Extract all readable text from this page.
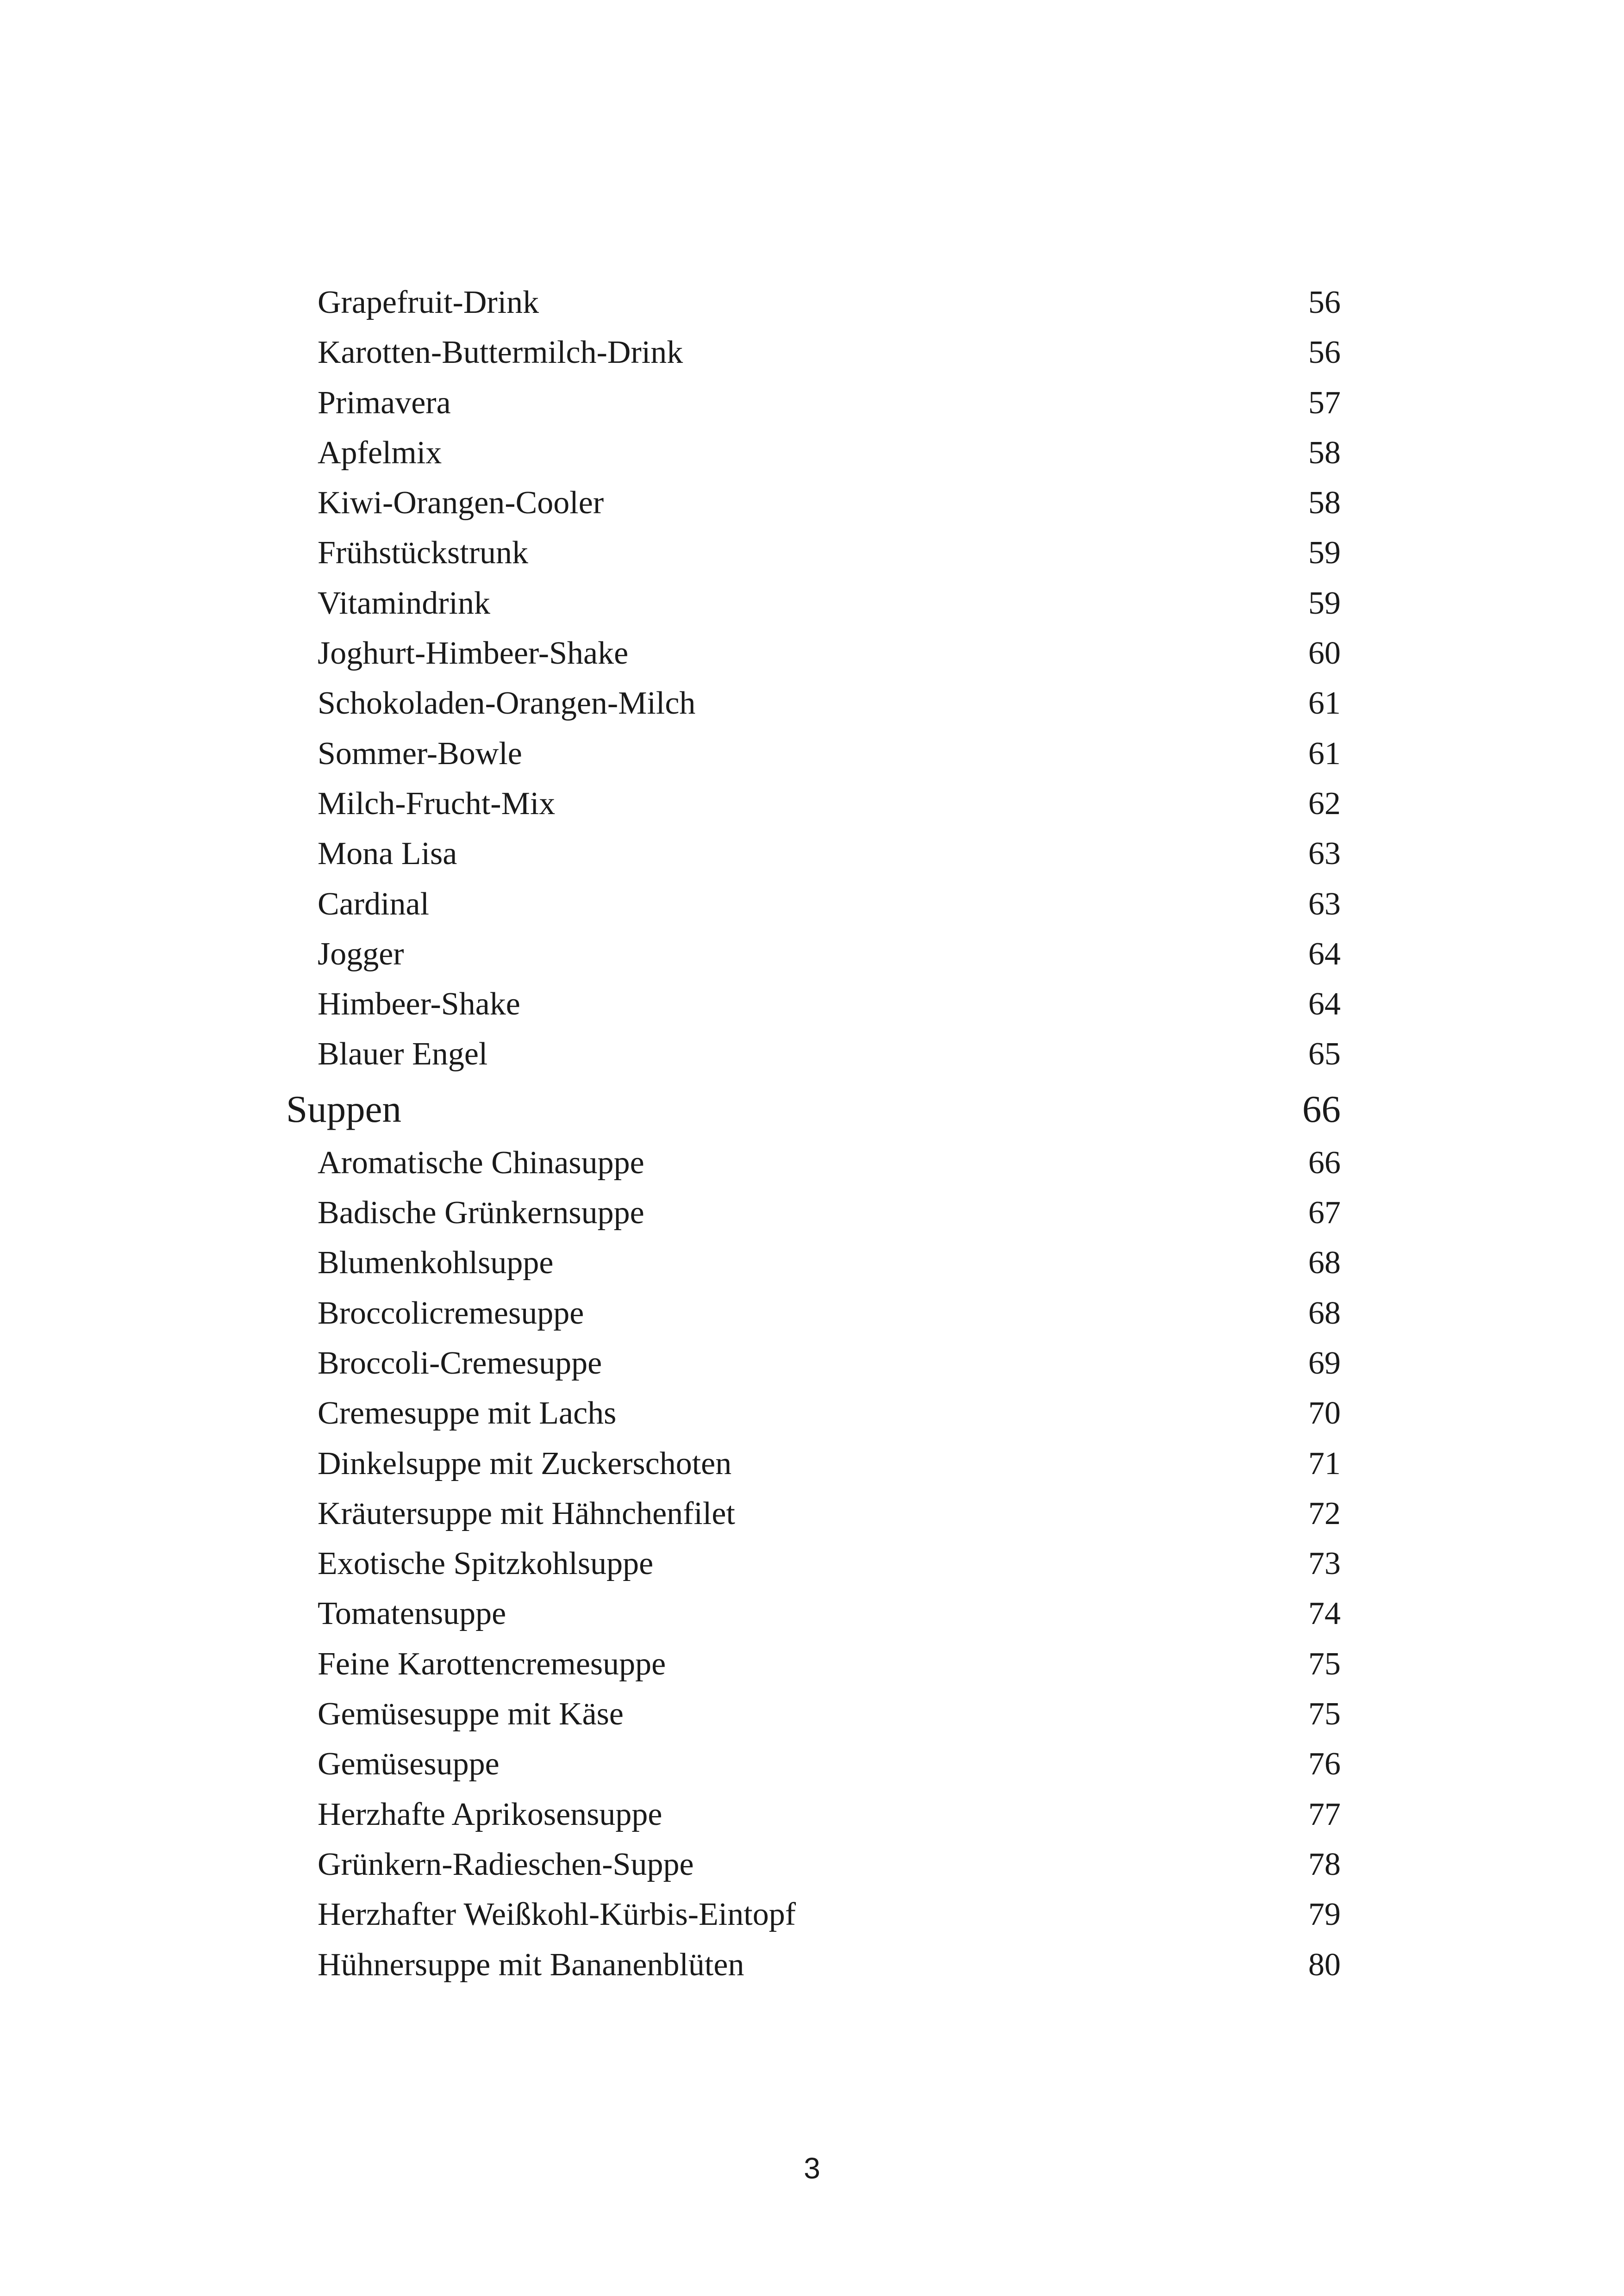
Grapefruit-Drink	56
Karotten-Buttermilch-Drink	56
Primavera	57
Apfelmix	58
Kiwi-Orangen-Cooler	58
Frühstückstrunk	59
Vitamindrink	59
Joghurt-Himbeer-Shake	60
Schokoladen-Orangen-Milch	61
Sommer-Bowle	61
Milch-Frucht-Mix	62
Mona Lisa	63
Cardinal	63
Jogger	64
Himbeer-Shake	64
Blauer Engel	65
Suppen	66
Aromatische Chinasuppe	66
Badische Grünkernsuppe	67
Blumenkohlsuppe	68
Broccolicremesuppe	68
Broccoli-Cremesuppe	69
Cremesuppe mit Lachs	70
Dinkelsuppe mit Zuckerschoten	71
Kräutersuppe mit Hähnchenfilet	72
Exotische Spitzkohlsuppe	73
Tomatensuppe	74
Feine Karottencremesuppe	75
Gemüsesuppe mit Käse	75
Gemüsesuppe	76
Herzhafte Aprikosensuppe	77
Grünkern-Radieschen-Suppe	78
Herzhafter Weißkohl-Kürbis-Eintopf	79
Hühnersuppe mit Bananenblüten	80
3
